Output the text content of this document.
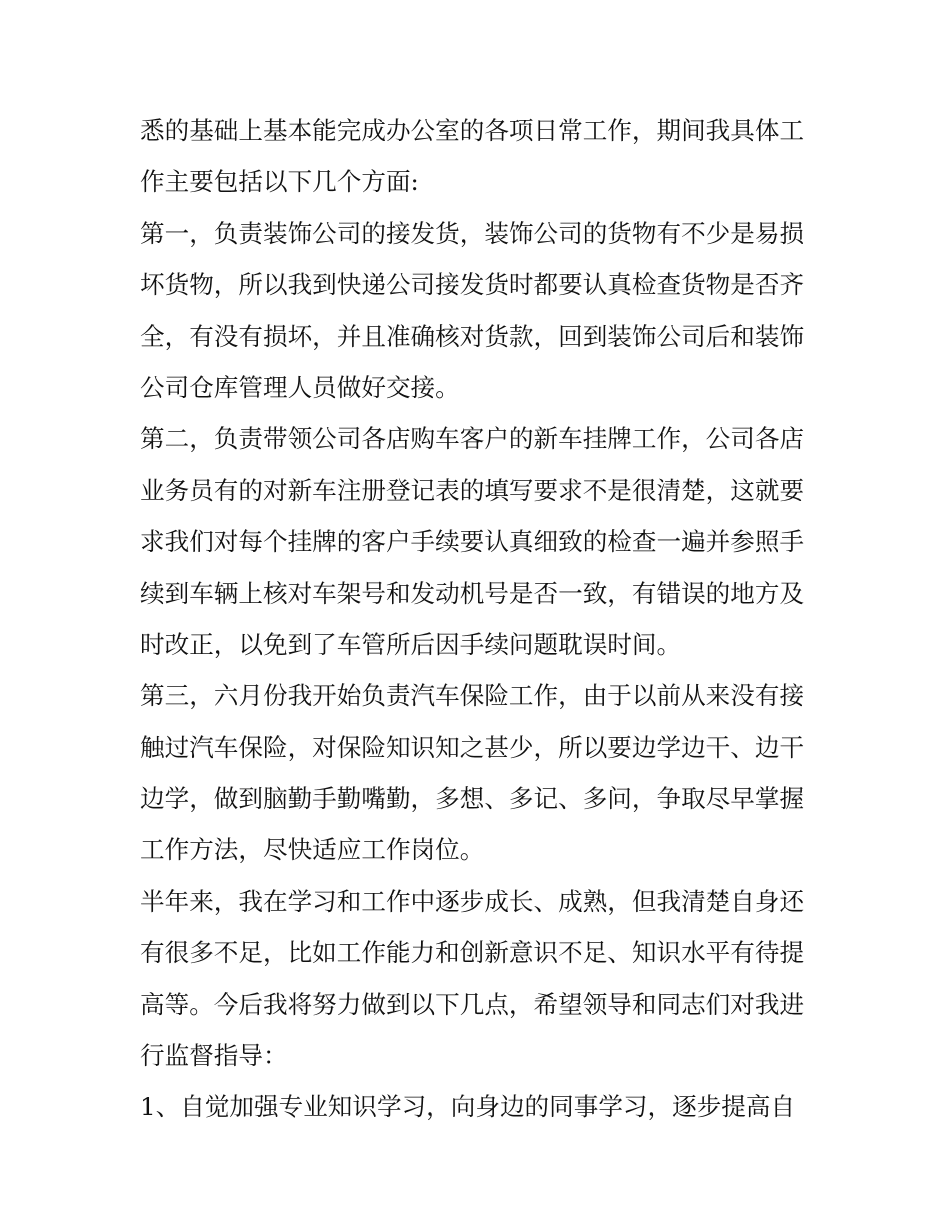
悉的基础上基本能完成办公室的各项日常工作，期间我具体工
作主要包括以下几个方面:
第一，负责装饰公司的接发货，装饰公司的货物有不少是易损
坏货物，所以我到快递公司接发货时都要认真检查货物是否齐
全，有没有损坏，并且准确核对货款，回到装饰公司后和装饰
公司仓库管理人员做好交接。
第二，负责带领公司各店购车客户的新车挂牌工作，公司各店
业务员有的对新车注册登记表的填写要求不是很清楚，这就要
求我们对每个挂牌的客户手续要认真细致的检查一遍并参照手
续到车辆上核对车架号和发动机号是否一致，有错误的地方及
时改正，以免到了车管所后因手续问题耽误时间。
第三，六月份我开始负责汽车保险工作，由于以前从来没有接
触过汽车保险，对保险知识知之甚少，所以要边学边干、边干
边学，做到脑勤手勤嘴勤，多想、多记、多问，争取尽早掌握
工作方法，尽快适应工作岗位。
半年来，我在学习和工作中逐步成长、成熟，但我清楚自身还
有很多不足，比如工作能力和创新意识不足、知识水平有待提
高等。今后我将努力做到以下几点，希望领导和同志们对我进
行监督指导：
1、自觉加强专业知识学习，向身边的同事学习，逐步提高自
